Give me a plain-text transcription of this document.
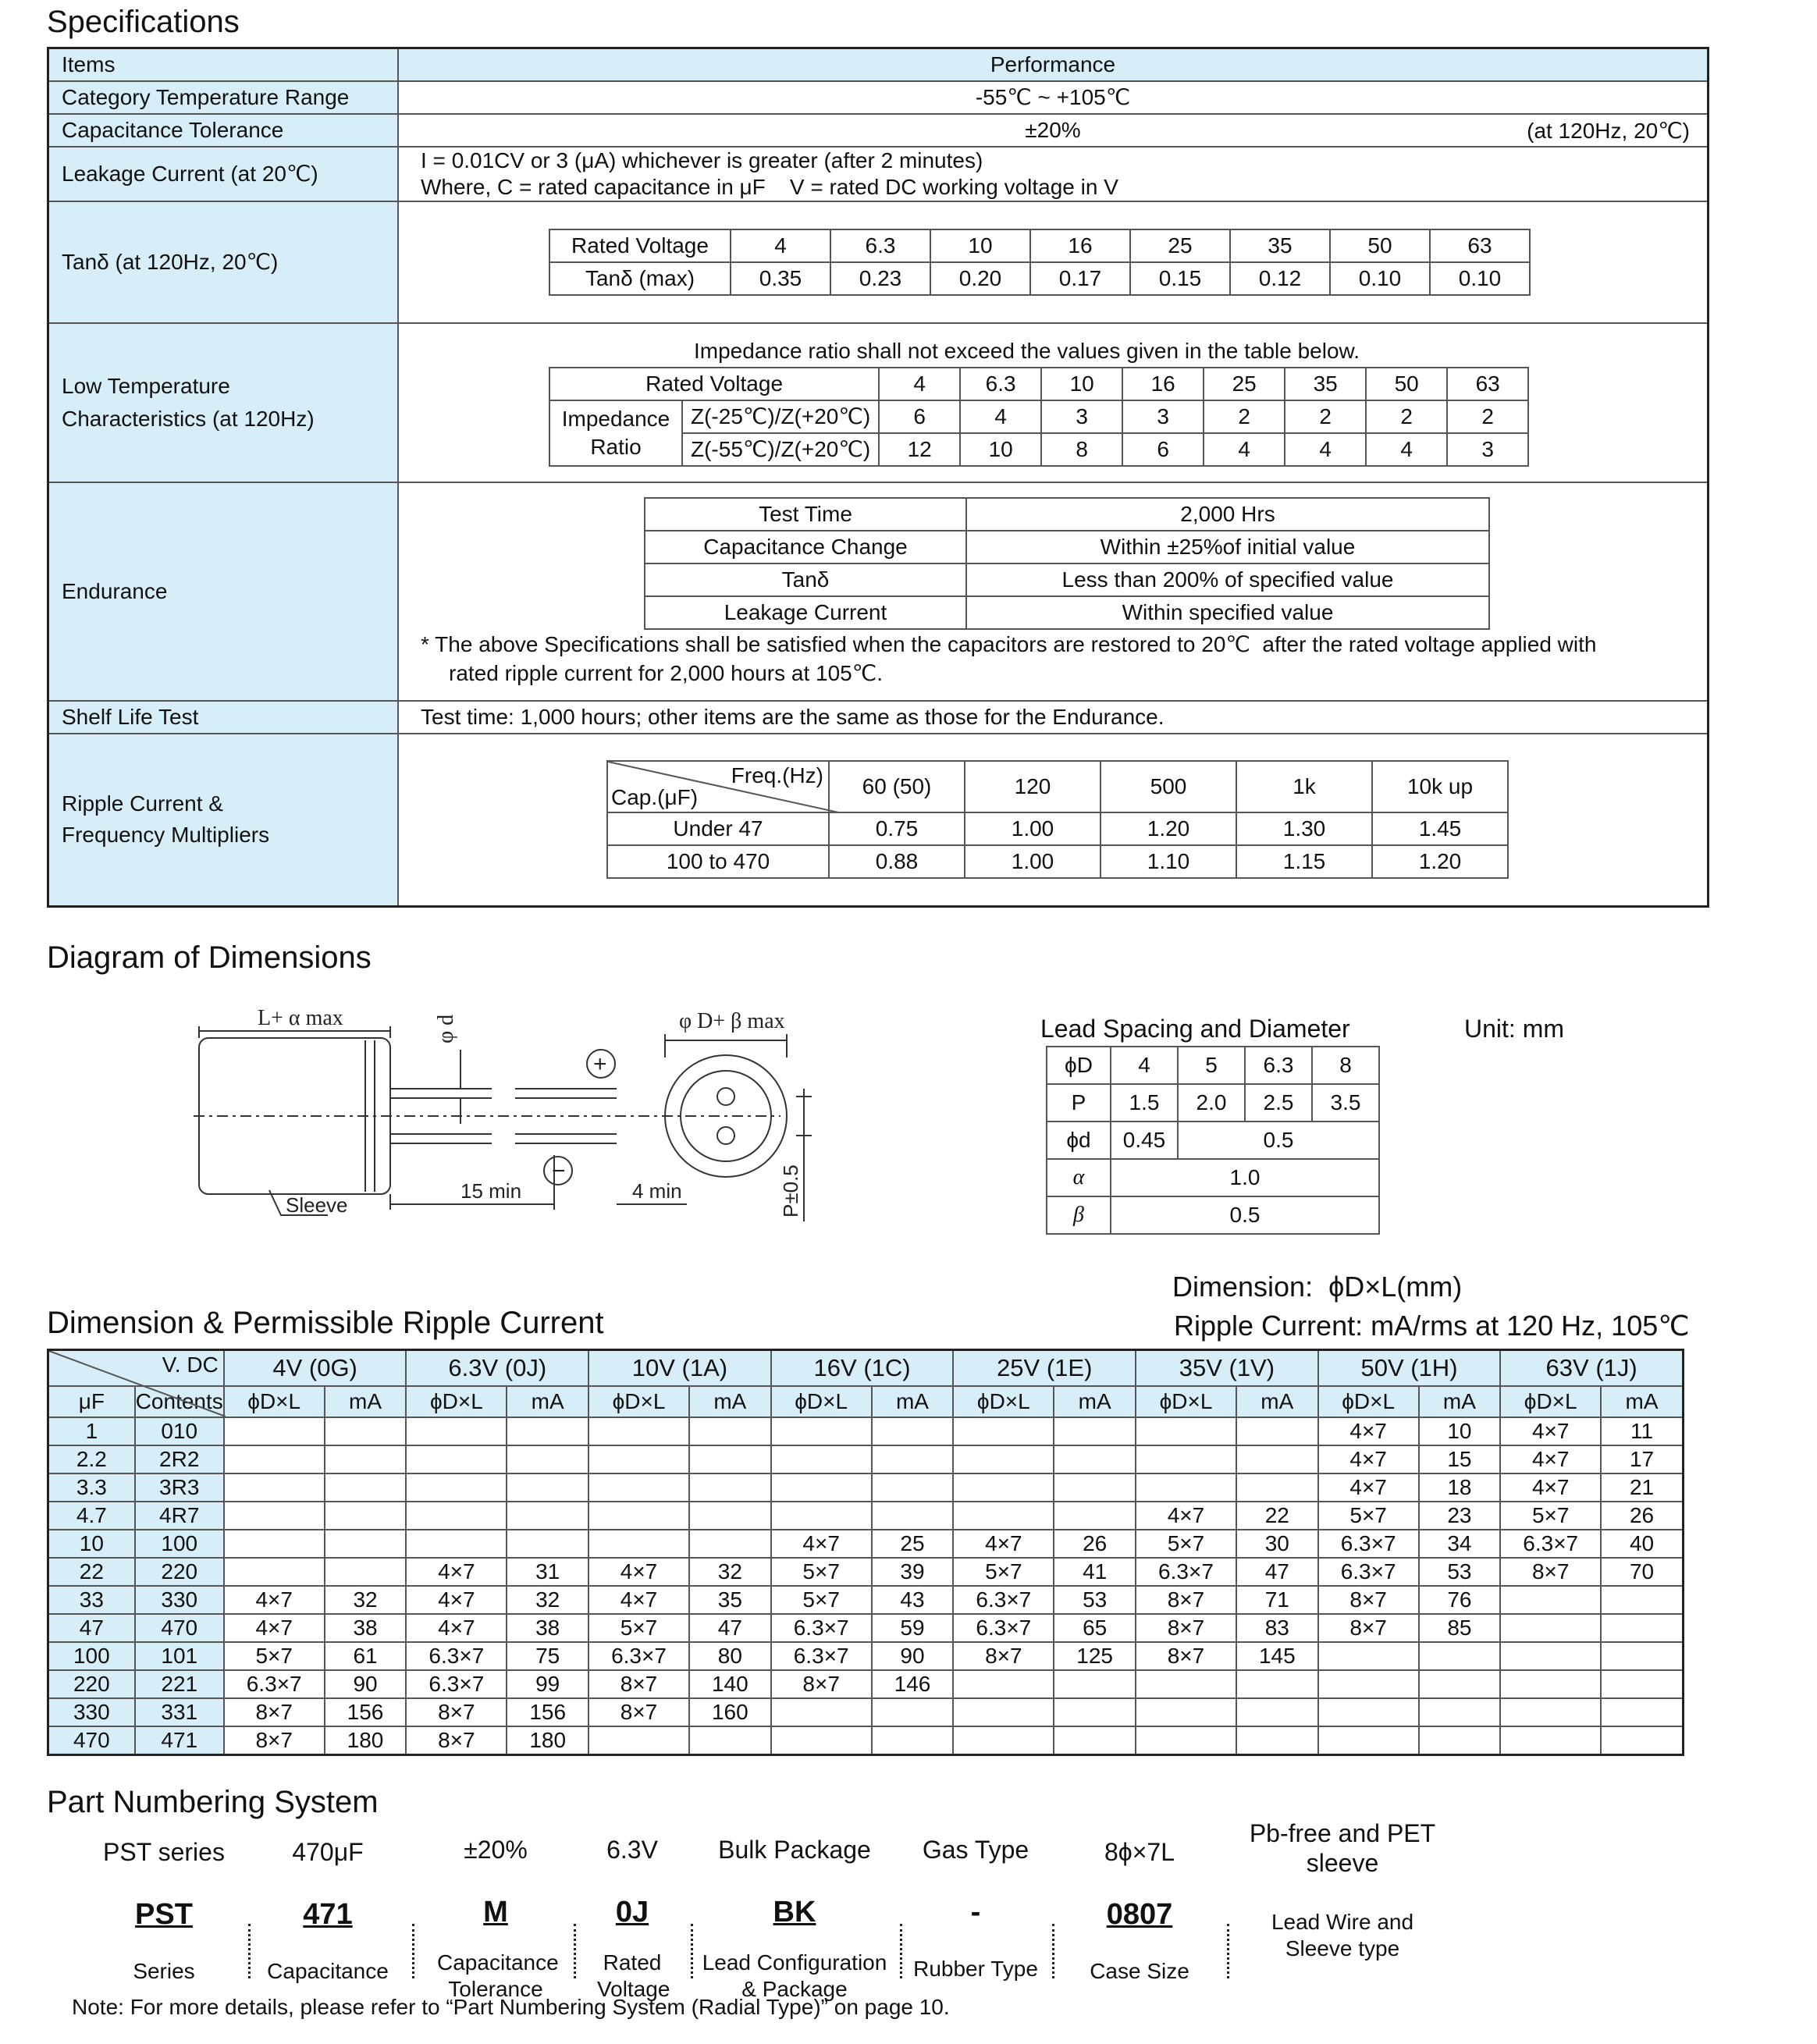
Specifications
Items	Performance
Category Temperature Range	-55℃ ~ +105℃
Capacitance Tolerance	±20%	(at 120Hz, 20℃)

Leakage Current (at 20℃)	
I = 0.01CV or 3 (μA) whichever is greater (after 2 minutes)
Where, C = rated capacitance in μF    V = rated DC working voltage in V

Tanδ (at 120Hz, 20℃)	
Rated Voltage	4	6.3	10	16	25	35	50	63
Tanδ (max)	0.35	0.23	0.20	0.17	0.15	0.12	0.10	0.10

Low Temperature
Characteristics (at 120Hz)

Impedance ratio shall not exceed the values given in the table below.
Rated Voltage	4	6.3	10	16	25	35	50	63

Impedance
Ratio
	Z(-25℃)/Z(+20℃)	6	4	3	3	2	2	2	2
Z(-55℃)/Z(+20℃)	12	10	8	6	4	4	4	3

Endurance	
Test Time	2,000 Hrs
Capacitance Change	Within ±25%of initial value
Tanδ	Less than 200% of specified value
Leakage Current	Within specified value
* The above Specifications shall be satisfied when the capacitors are restored to 20℃  after the rated voltage applied with
rated ripple current for 2,000 hours at 105℃.

Shelf Life Test	Test time: 1,000 hours; other items are the same as those for the Endurance.

Ripple Current &
Frequency Multipliers

Freq.(Hz)
Cap.(μF)	60 (50)	120	500	1k	10k up
Under 47	0.75	1.00	1.20	1.30	1.45
100 to 470	0.88	1.00	1.10	1.15	1.20
Diagram of Dimensions
L+ α max	φ d	φ D+ β max
+
−
Sleeve
15 min	4 min	P±0.5
Lead Spacing and Diameter	Unit: mm
ϕD	4	5	6.3	8
P	1.5	2.0	2.5	3.5
ϕd	0.45	0.5		
α	1.0			
β	0.5			
Dimension:  ϕD×L(mm)
Dimension & Permissible Ripple Current	Ripple Current: mA/rms at 120 Hz, 105℃
V. DC		4V (0G)		6.3V (0J)		10V (1A)		16V (1C)		25V (1E)		35V (1V)		50V (1H)		63V (1J)	
μF	Contents	ϕD×L	mA	ϕD×L	mA	ϕD×L	mA	ϕD×L	mA	ϕD×L	mA	ϕD×L	mA	ϕD×L	mA	ϕD×L	mA
1	010													4×7	10	4×7	11
2.2	2R2													4×7	15	4×7	17
3.3	3R3													4×7	18	4×7	21
4.7	4R7											4×7	22	5×7	23	5×7	26
10	100							4×7	25	4×7	26	5×7	30	6.3×7	34	6.3×7	40
22	220			4×7	31	4×7	32	5×7	39	5×7	41	6.3×7	47	6.3×7	53	8×7	70
33	330	4×7	32	4×7	32	4×7	35	5×7	43	6.3×7	53	8×7	71	8×7	76		
47	470	4×7	38	4×7	38	5×7	47	6.3×7	59	6.3×7	65	8×7	83	8×7	85		
100	101	5×7	61	6.3×7	75	6.3×7	80	6.3×7	90	8×7	125	8×7	145				
220	221	6.3×7	90	6.3×7	99	8×7	140	8×7	146								
330	331	8×7	156	8×7	156	8×7	160										
470	471	8×7	180	8×7	180												
Part Numbering System
PST series
PST
Series
470μF
471
Capacitance
±20%
M
Capacitance Tolerance
6.3V
0J
Rated Voltage
Bulk Package
BK
Lead Configuration & Package
Gas Type
-
Rubber Type
8ϕ×7L
0807
Case Size
Pb-free and PET sleeve
Lead Wire and Sleeve type
Note: For more details, please refer to “Part Numbering System (Radial Type)” on page 10.
